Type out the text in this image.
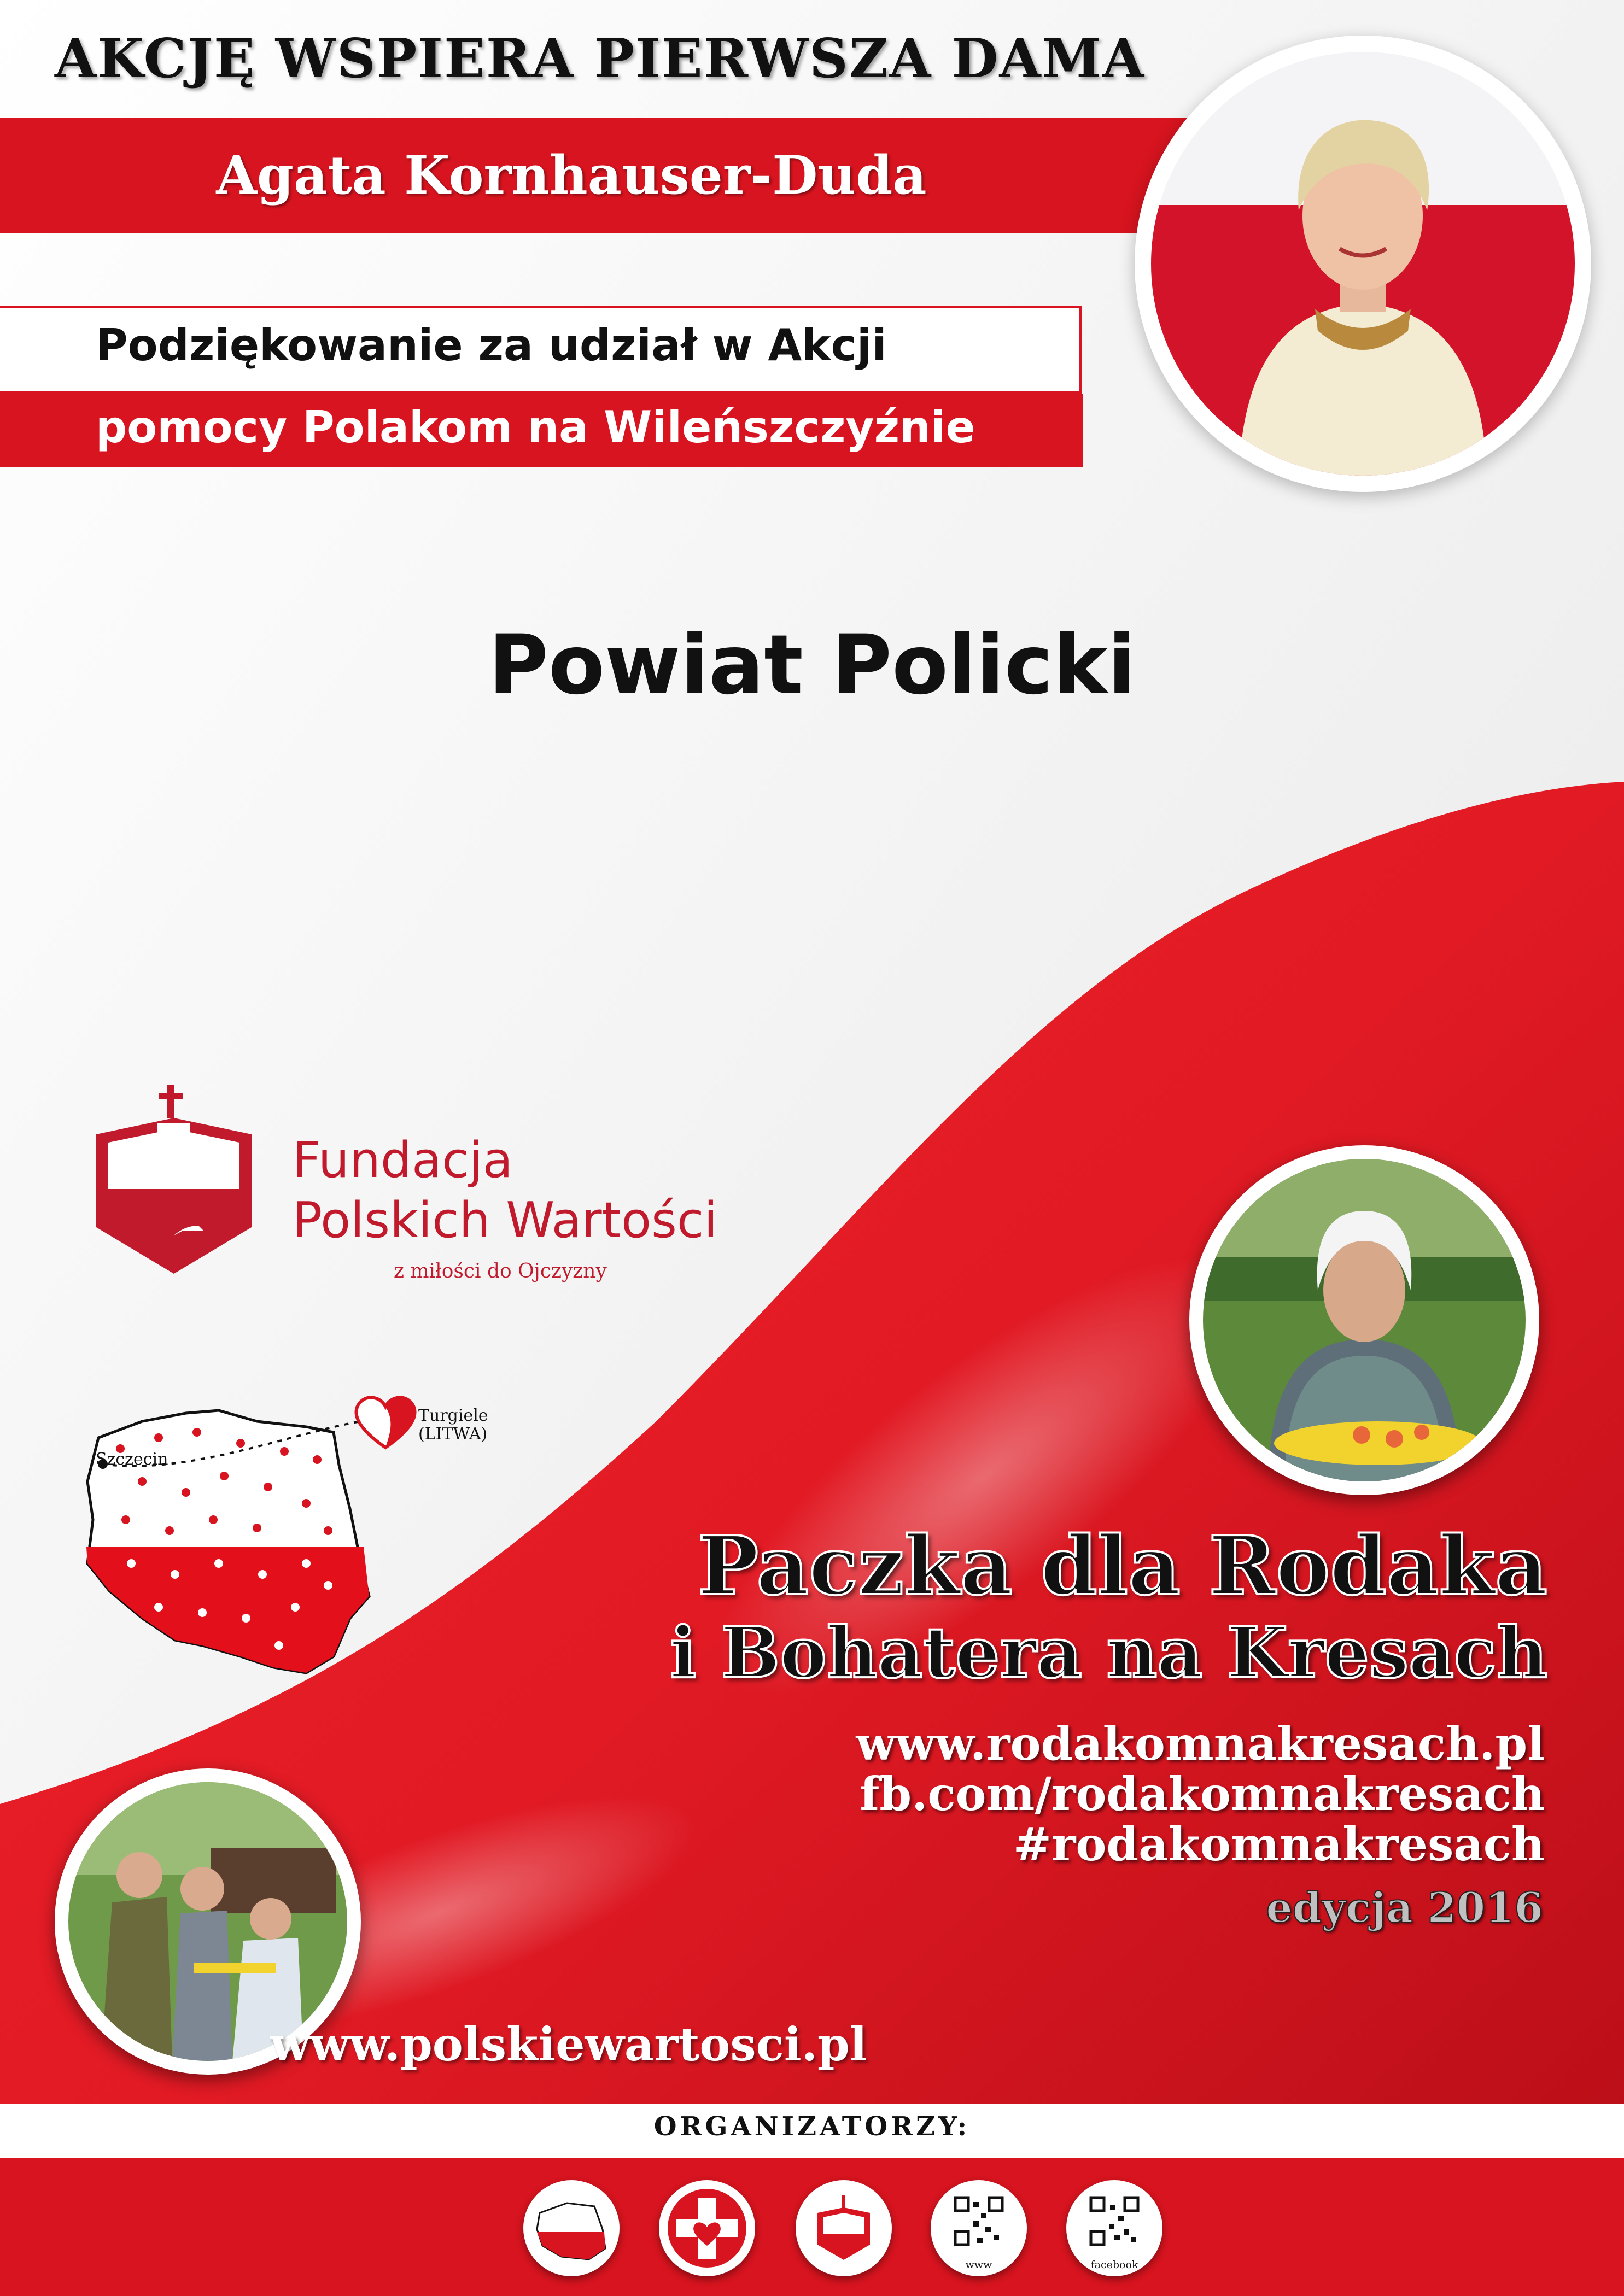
AKCJĘ WSPIERA PIERWSZA DAMA
Agata Kornhauser-Duda
Podziękowanie za udział w Akcji
pomocy Polakom na Wileńszczyźnie
Powiat Policki
Fundacja
Polskich Wartości
z miłości do Ojczyzny
Szczecin
Turgiele
(LITWA)
Paczka dla Rodaka
i Bohatera na Kresach
www.rodakomnakresach.pl
fb.com/rodakomnakresach
#rodakomnakresach
edycja 2016
www.polskiewartosci.pl
ORGANIZATORZY:
www	facebook
